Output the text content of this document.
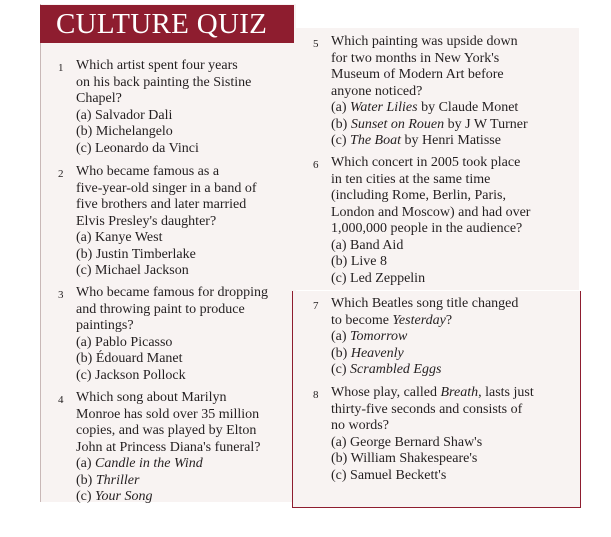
CULTURE QUIZ
1 Which artist spent four years
on his back painting the Sistine
Chapel?
(a) Salvador Dali
(b) Michelangelo
(c) Leonardo da Vinci
2 Who became famous as a
five-year-old singer in a band of
five brothers and later married
Elvis Presley's daughter?
(a) Kanye West
(b) Justin Timberlake
(c) Michael Jackson
3 Who became famous for dropping
and throwing paint to produce
paintings?
(a) Pablo Picasso
(b) Édouard Manet
(c) Jackson Pollock
4 Which song about Marilyn
Monroe has sold over 35 million
copies, and was played by Elton
John at Princess Diana's funeral?
(a) Candle in the Wind
(b) Thriller
(c) Your Song
5 Which painting was upside down
for two months in New York's
Museum of Modern Art before
anyone noticed?
(a) Water Lilies by Claude Monet
(b) Sunset on Rouen by J W Turner
(c) The Boat by Henri Matisse
6 Which concert in 2005 took place
in ten cities at the same time
(including Rome, Berlin, Paris,
London and Moscow) and had over
1,000,000 people in the audience?
(a) Band Aid
(b) Live 8
(c) Led Zeppelin
7 Which Beatles song title changed
to become Yesterday?
(a) Tomorrow
(b) Heavenly
(c) Scrambled Eggs
8 Whose play, called Breath, lasts just
thirty-five seconds and consists of
no words?
(a) George Bernard Shaw's
(b) William Shakespeare's
(c) Samuel Beckett's
